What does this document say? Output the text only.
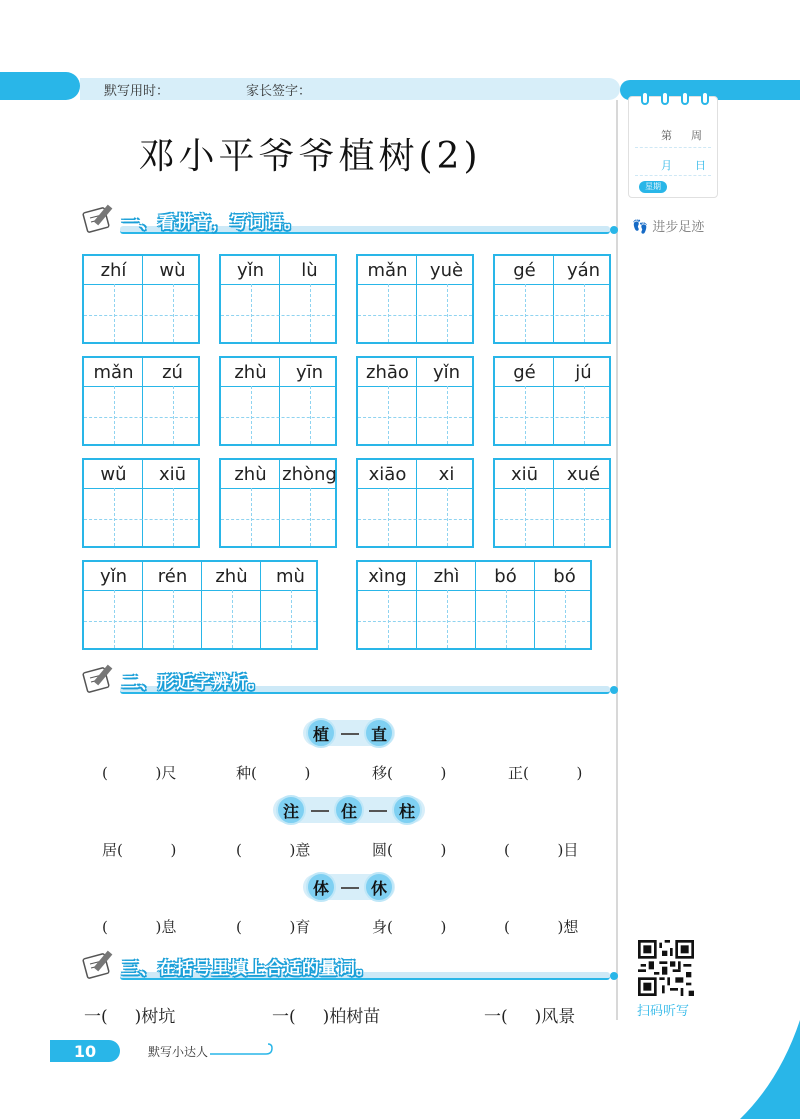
默写用时：	家长签字：
第 周
月 日
星期
👣 进步足迹
邓小平爷爷植树(2)
一、看拼音，写词语。
zhí	wù	yǐn	lù	mǎn	yuè	gé	yán
mǎn	zú	zhù	yīn	zhāo	yǐn	gé	jú
wǔ	xiū	zhù zhòng	xiāo	xi	xiū	xué
yǐn	rén	zhù	mù	xìng	zhì	bó	bó
二、形近字辨析。
植	直
(          )尺	种(          )	移(          )	正(          )
注	住	柱
居(          )	(          )意	圆(          )	(          )目
体	休
(          )息	(          )育	身(          )	(          )想
三、在括号里填上合适的量词。
一(     )树坑	一(     )柏树苗	一(     )风景	扫码听写
10	默写小达人
